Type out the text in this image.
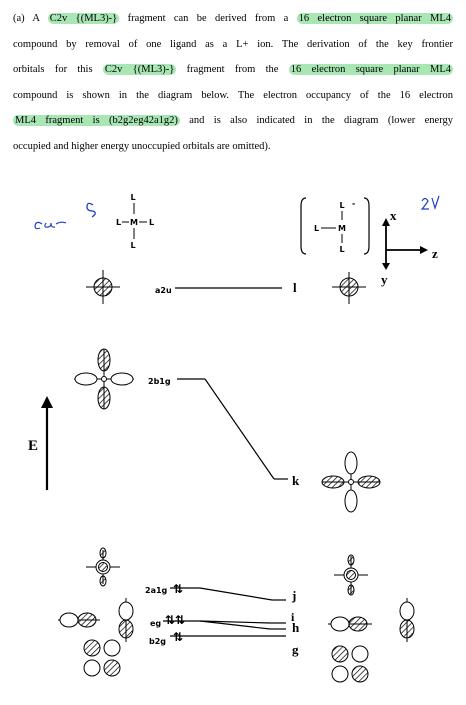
(a) A C2v {(ML3)-} fragment can be derived from a 16 electron square planar ML4
compound by removal of one ligand as a L+ ion. The derivation of the key frontier
orbitals for this C2v {(ML3)-} fragment from the 16 electron square planar ML4
compound is shown in the diagram below. The electron occupancy of the 16 electron
ML4 fragment is (b2g2eg42a1g2) and is also indicated in the diagram (lower energy
occupied and higher energy unoccupied orbitals are omitted).
L
L M L
L
L -
L M
L
x
z
y
a2u	l
2b1g
k
E
2a1g ⇅	j
eg ⇅⇅	i
h
b2g ⇅
g
